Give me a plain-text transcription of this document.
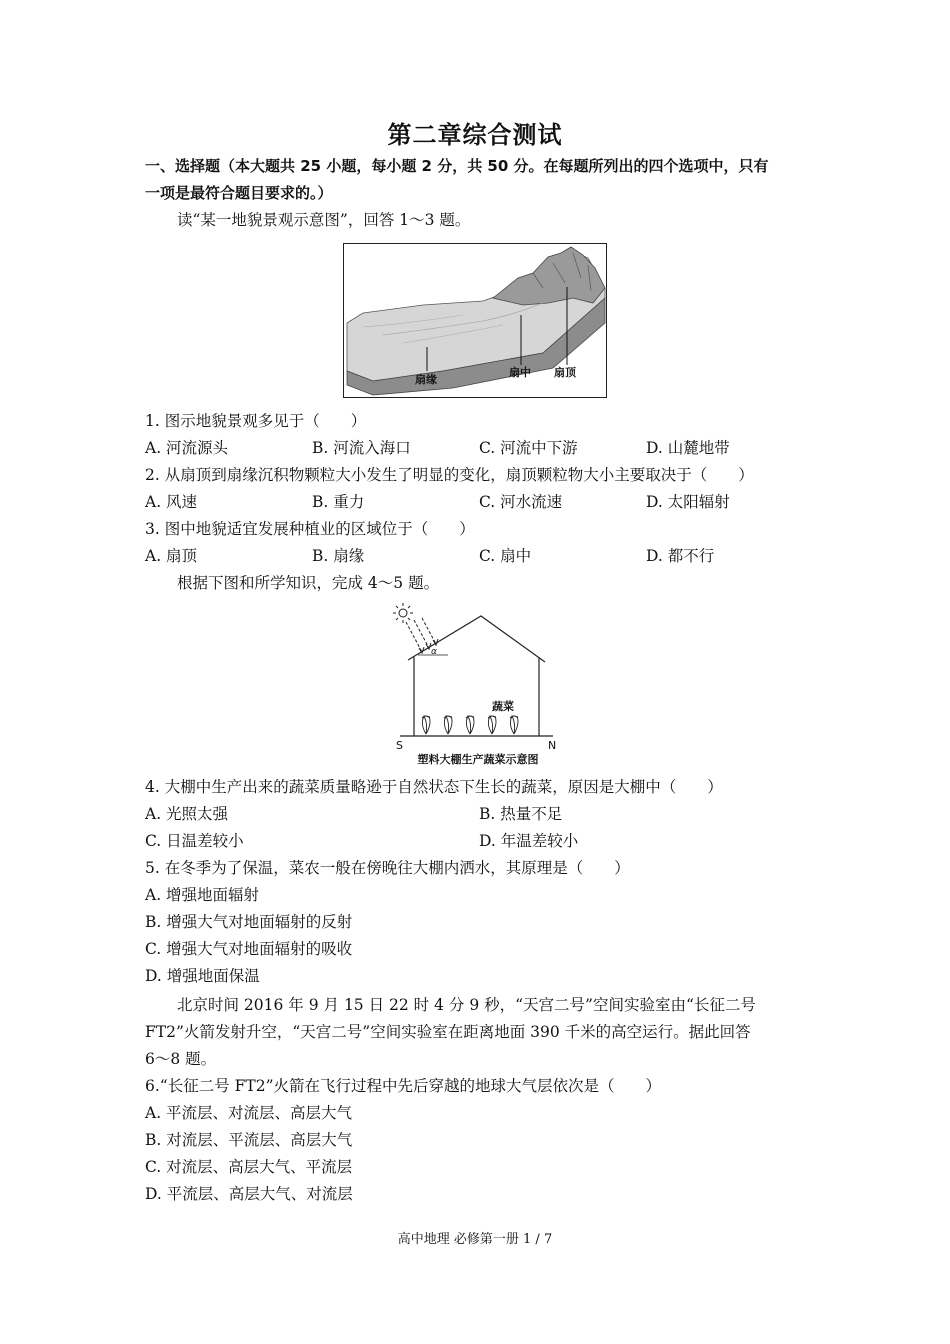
第二章综合测试
一、选择题（本大题共 25 小题，每小题 2 分，共 50 分。在每题所列出的四个选项中，只有
一项是最符合题目要求的。）
读“某一地貌景观示意图”，回答 1～3 题。
扇缘
扇中 扇顶
1. 图示地貌景观多见于（　　）
A. 河流源头	B. 河流入海口	C. 河流中下游	D. 山麓地带
2. 从扇顶到扇缘沉积物颗粒大小发生了明显的变化，扇顶颗粒物大小主要取决于（　　）
A. 风速	B. 重力	C. 河水流速	D. 太阳辐射
3. 图中地貌适宜发展种植业的区域位于（　　）
A. 扇顶	B. 扇缘	C. 扇中	D. 都不行
根据下图和所学知识，完成 4～5 题。
α
蔬菜
S	N
塑料大棚生产蔬菜示意图
4. 大棚中生产出来的蔬菜质量略逊于自然状态下生长的蔬菜，原因是大棚中（　　）
A. 光照太强	B. 热量不足
C. 日温差较小	D. 年温差较小
5. 在冬季为了保温，菜农一般在傍晚往大棚内洒水，其原理是（　　）
A. 增强地面辐射
B. 增强大气对地面辐射的反射
C. 增强大气对地面辐射的吸收
D. 增强地面保温
北京时间 2016 年 9 月 15 日 22 时 4 分 9 秒，“天宫二号”空间实验室由“长征二号
FT2”火箭发射升空，“天宫二号”空间实验室在距离地面 390 千米的高空运行。据此回答
6～8 题。
6.“长征二号 FT2”火箭在飞行过程中先后穿越的地球大气层依次是（　　）
A. 平流层、对流层、高层大气
B. 对流层、平流层、高层大气
C. 对流层、高层大气、平流层
D. 平流层、高层大气、对流层
高中地理 必修第一册 1 / 7
